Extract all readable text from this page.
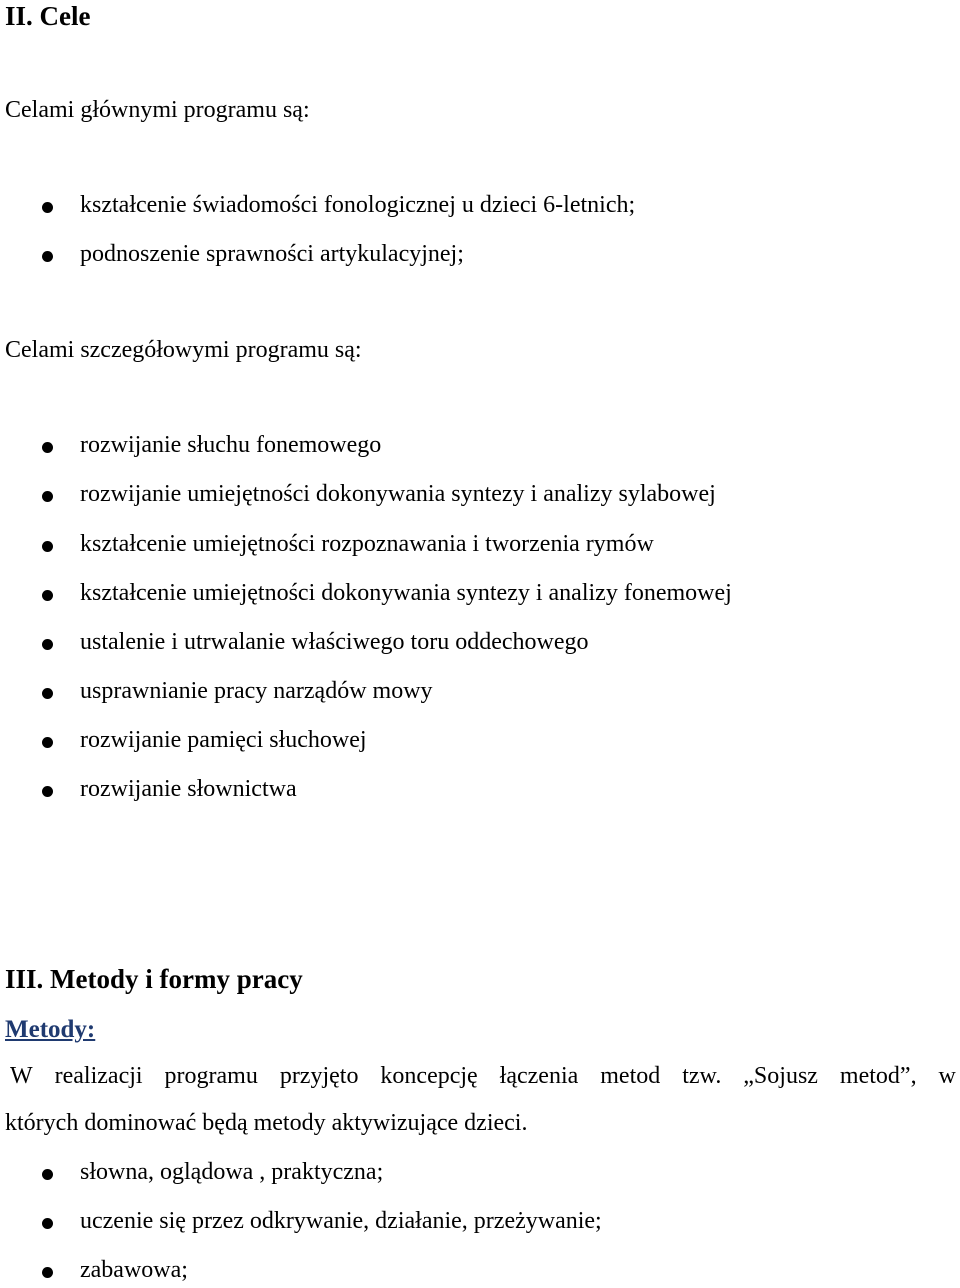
II. Cele
Celami głównymi programu są:
kształcenie świadomości fonologicznej u dzieci 6-letnich;
podnoszenie sprawności artykulacyjnej;
Celami szczegółowymi programu są:
rozwijanie słuchu fonemowego
rozwijanie umiejętności dokonywania syntezy i analizy sylabowej
kształcenie umiejętności rozpoznawania i tworzenia rymów
kształcenie umiejętności dokonywania syntezy i analizy fonemowej
ustalenie i utrwalanie właściwego toru oddechowego
usprawnianie pracy narządów mowy
rozwijanie pamięci słuchowej
rozwijanie słownictwa
III. Metody i formy pracy
Metody:
W realizacji programu przyjęto koncepcję łączenia metod tzw. „Sojusz metod”, w
których dominować będą metody aktywizujące dzieci.
słowna, oglądowa , praktyczna;
uczenie się przez odkrywanie, działanie, przeżywanie;
zabawowa;
